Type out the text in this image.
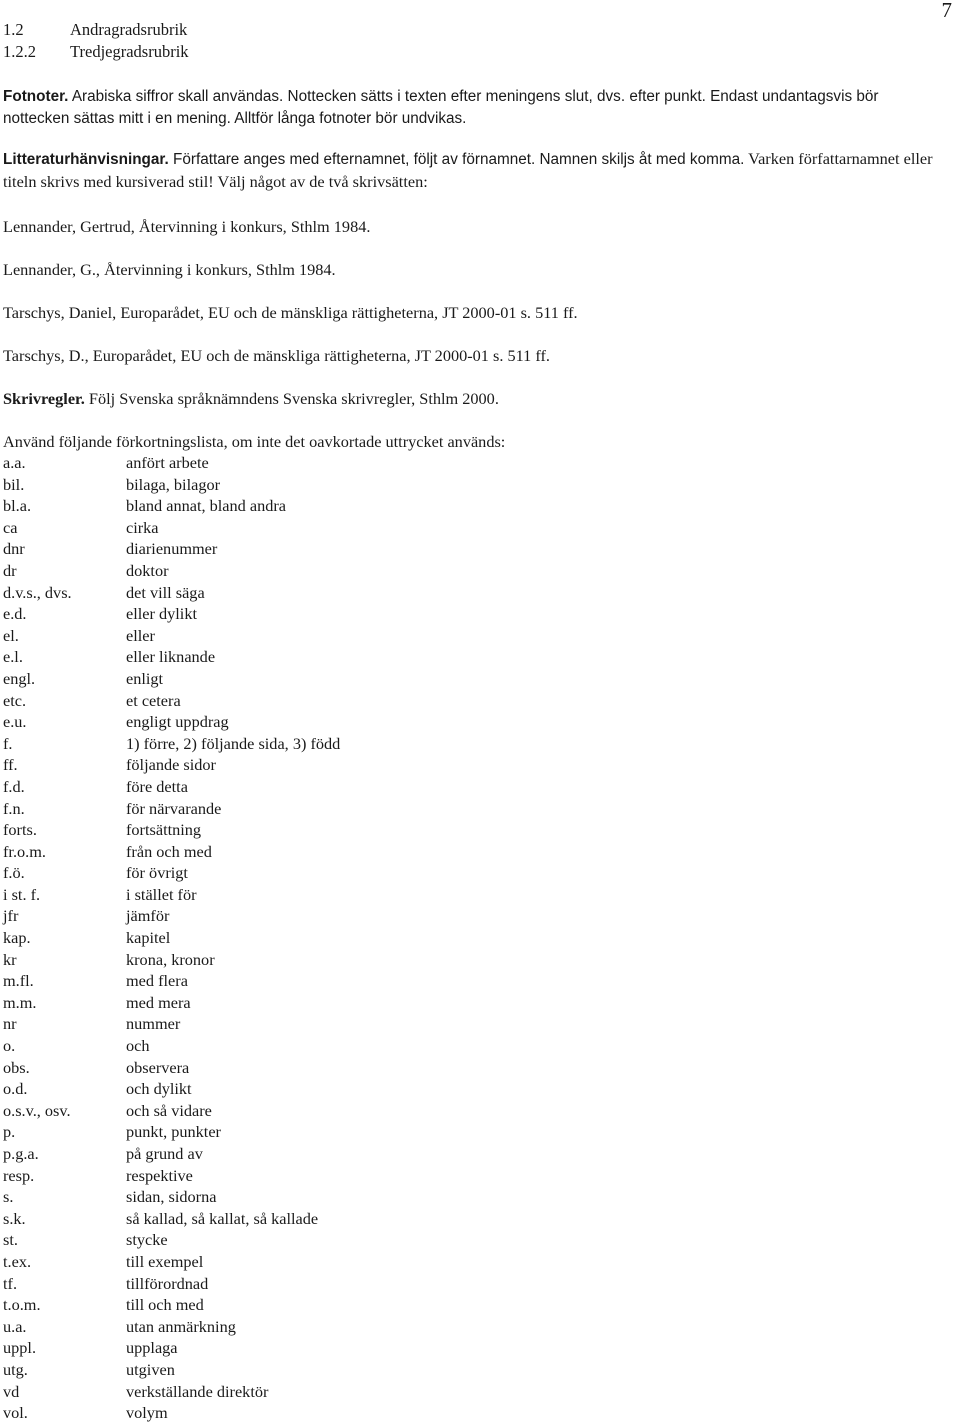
7
1.2	Andragradsrubrik
1.2.2 Tredjegradsrubrik
Fotnoter. Arabiska siffror skall användas. Nottecken sätts i texten efter meningens slut, dvs. efter punkt. Endast undantagsvis bör nottecken sättas mitt i en mening. Alltför långa fotnoter bör undvikas.
Litteraturhänvisningar. Författare anges med efternamnet, följt av förnamnet. Namnen skiljs åt med komma. Varken författarnamnet eller titeln skrivs med kursiverad stil! Välj något av de två skrivsätten:
Lennander, Gertrud, Återvinning i konkurs, Sthlm 1984.
Lennander, G., Återvinning i konkurs, Sthlm 1984.
Tarschys, Daniel, Europarådet, EU och de mänskliga rättigheterna, JT 2000-01 s. 511 ff.
Tarschys, D., Europarådet, EU och de mänskliga rättigheterna, JT 2000-01 s. 511 ff.
Skrivregler. Följ Svenska språknämndens Svenska skrivregler, Sthlm 2000.
Använd följande förkortningslista, om inte det oavkortade uttrycket används:
a.a.	anfört arbete
bil.	bilaga, bilagor
bl.a.	bland annat, bland andra
ca	cirka
dnr	diarienummer
dr	doktor
d.v.s., dvs.	det vill säga
e.d.	eller dylikt
el.	eller
e.l.	eller liknande
engl.	enligt
etc.	et cetera
e.u.	engligt uppdrag
f.	1) förre, 2) följande sida, 3) född
ff.	följande sidor
f.d.	före detta
f.n.	för närvarande
forts.	fortsättning
fr.o.m.	från och med
f.ö.	för övrigt
i st. f.	i stället för
jfr	jämför
kap.	kapitel
kr	krona, kronor
m.fl.	med flera
m.m.	med mera
nr	nummer
o.	och
obs.	observera
o.d.	och dylikt
o.s.v., osv.	och så vidare
p.	punkt, punkter
p.g.a.	på grund av
resp.	respektive
s.	sidan, sidorna
s.k.	så kallad, så kallat, så kallade
st.	stycke
t.ex.	till exempel
tf.	tillförordnad
t.o.m.	till och med
u.a.	utan anmärkning
uppl.	upplaga
utg.	utgiven
vd	verkställande direktör
vol.	volym
